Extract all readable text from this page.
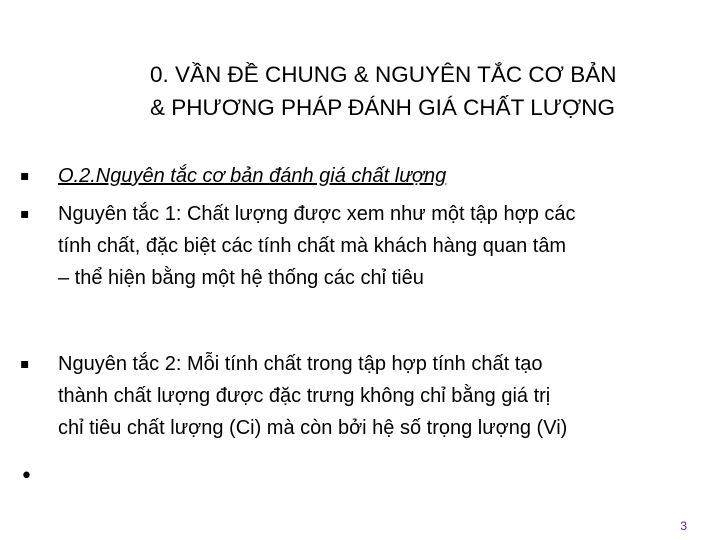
0. VẦN ĐỀ CHUNG & NGUYÊN TẮC CƠ BẢN
& PHƯƠNG PHÁP ĐÁNH GIÁ CHẤT LƯỢNG
▪	O.2.Nguyên tắc cơ bản đánh giá chất lượng
▪	Nguyên tắc 1: Chất lượng được xem như một tập hợp các
tính chất, đặc biệt các tính chất mà khách hàng quan tâm
– thể hiện bằng một hệ thống các chỉ tiêu
▪	Nguyên tắc 2: Mỗi tính chất trong tập hợp tính chất tạo
thành chất lượng được đặc trưng không chỉ bằng giá trị
chỉ tiêu chất lượng (Ci) mà còn bởi hệ số trọng lượng (Vi)
•
3
